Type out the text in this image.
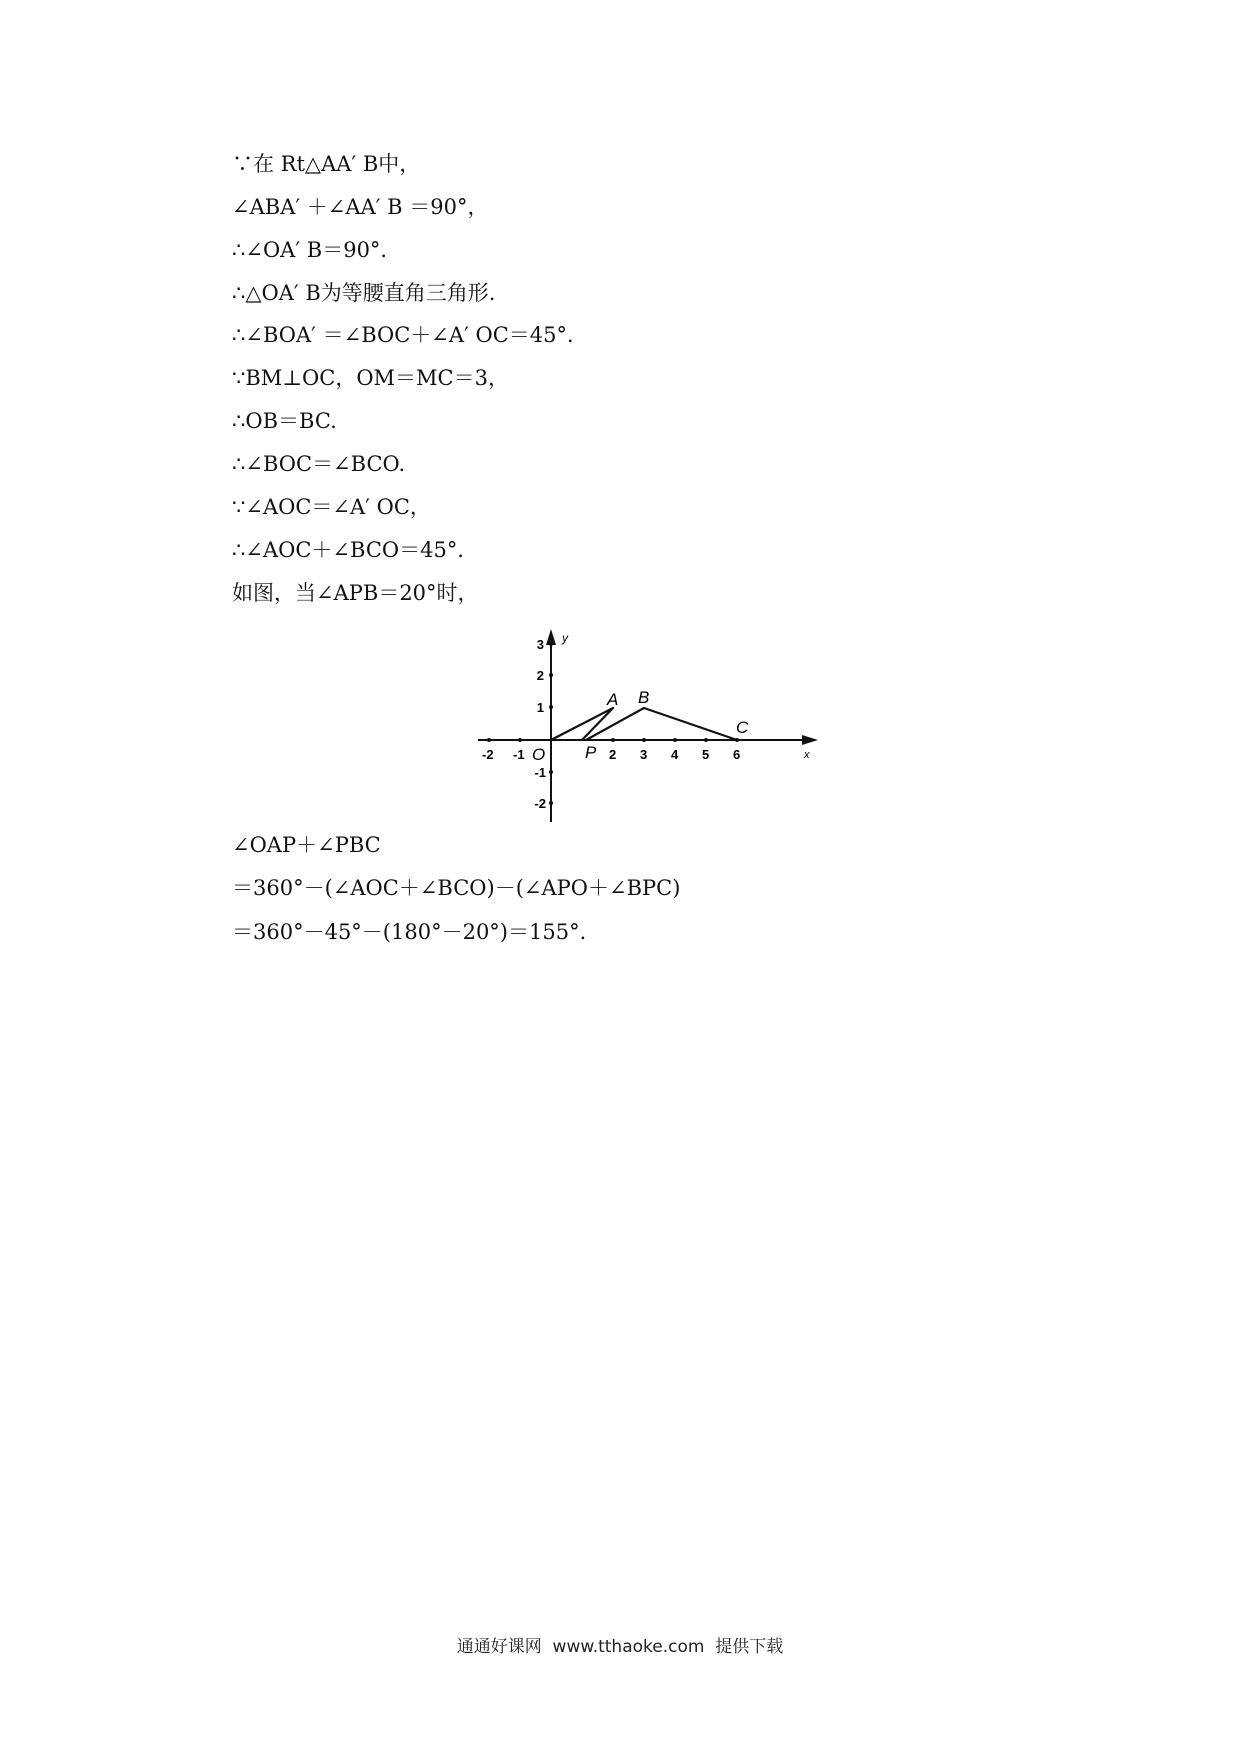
∵在 Rt△AA′ B中，
∠ABA′ ＋∠AA′ B ＝90°，
∴∠OA′ B＝90°．
∴△OA′ B为等腰直角三角形.
∴∠BOA′ ＝∠BOC＋∠A′ OC＝45°．
∵BM⊥OC，OM＝MC＝3，
∴OB＝BC.
∴∠BOC＝∠BCO.
∵∠AOC＝∠A′ OC，
∴∠AOC＋∠BCO＝45°．
如图，当∠APB＝20°时，
x
y
O
-2 -1	2 3 4 5 6
3
2
1
-1
-2
A B
C
P
∠OAP＋∠PBC
＝360°－(∠AOC＋∠BCO)－(∠APO＋∠BPC)
＝360°－45°－(180°－20°)＝155°．
通通好课网  www.tthaoke.com  提供下载
